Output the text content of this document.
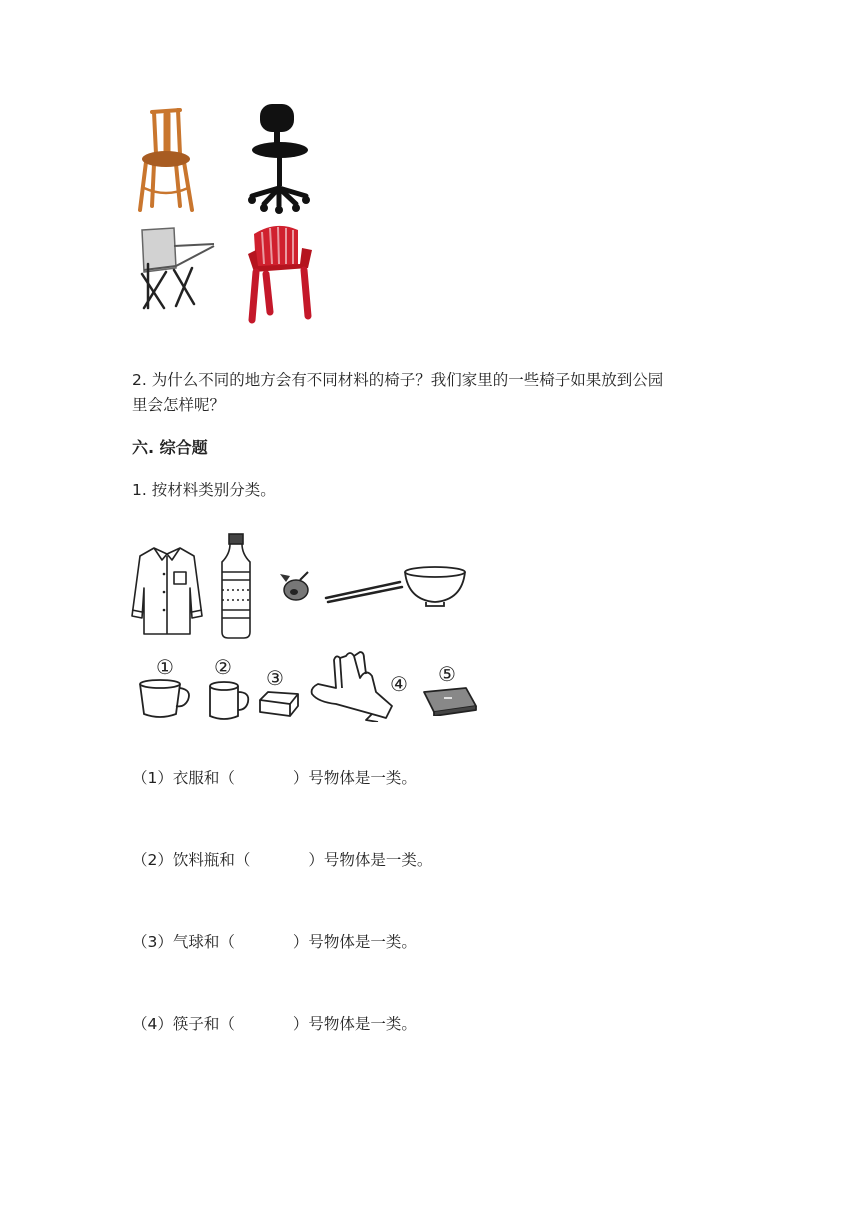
2. 为什么不同的地方会有不同材料的椅子？我们家里的一些椅子如果放到公园
里会怎样呢？
六. 综合题
1. 按材料类别分类。
① ② ③	④ ⑤
（1）衣服和（	）号物体是一类。
（2）饮料瓶和（	）号物体是一类。
（3）气球和（	）号物体是一类。
（4）筷子和（	）号物体是一类。
